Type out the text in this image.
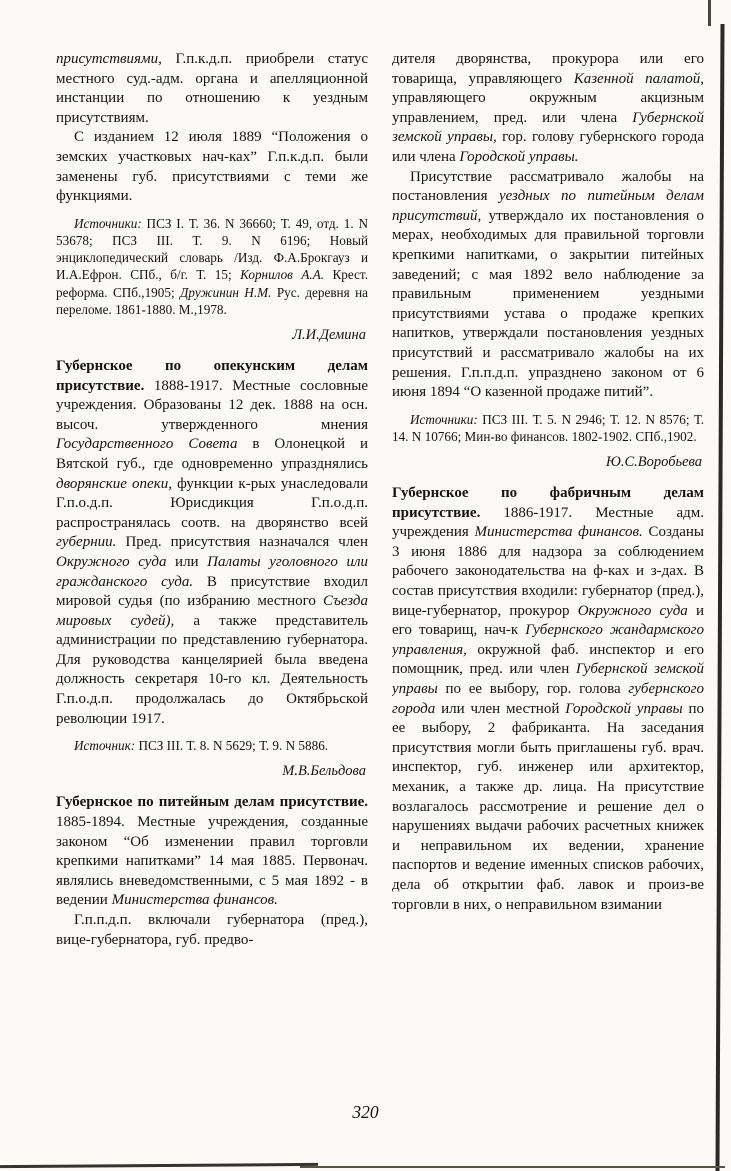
присутствиями, Г.п.к.д.п. приобрели статус местного суд.-адм. органа и апелляционной инстанции по отношению к уездным присутствиям.

С изданием 12 июля 1889 “Положения о земских участковых нач-ках” Г.п.к.д.п. были заменены губ. присутствиями с теми же функциями.

Источники: ПСЗ I. Т. 36. N 36660; Т. 49, отд. 1. N 53678; ПСЗ III. Т. 9. N 6196; Новый энциклопедический словарь /Изд. Ф.А.Брокгауз и И.А.Ефрон. СПб., б/г. Т. 15; Корнилов А.А. Крест. реформа. СПб.,1905; Дружинин Н.М. Рус. деревня на переломе. 1861-1880. М.,1978.

Л.И.Демина

Губернское по опекунским делам присутствие. 1888-1917. Местные сословные учреждения. Образованы 12 дек. 1888 на осн. высоч. утвержденного мнения Государственного Совета в Олонецкой и Вятской губ., где одновременно упразднялись дворянские опеки, функции к-рых унаследовали Г.п.о.д.п. Юрисдикция Г.п.о.д.п. распространялась соотв. на дворянство всей губернии. Пред. присутствия назначался член Окружного суда или Палаты уголовного или гражданского суда. В присутствие входил мировой судья (по избранию местного Съезда мировых судей), а также представитель администрации по представлению губернатора. Для руководства канцелярией была введена должность секретаря 10-го кл. Деятельность Г.п.о.д.п. продолжалась до Октябрьской революции 1917.

Источник: ПСЗ III. Т. 8. N 5629; Т. 9. N 5886.

М.В.Бельдова

Губернское по питейным делам присутствие. 1885-1894. Местные учреждения, созданные законом “Об изменении правил торговли крепкими напитками” 14 мая 1885. Первонач. являлись вневедомственными, с 5 мая 1892 - в ведении Министерства финансов.

Г.п.п.д.п. включали губернатора (пред.), вице-губернатора, губ. предво-

дителя дворянства, прокурора или его товарища, управляющего Казенной палатой, управляющего окружным акцизным управлением, пред. или члена Губернской земской управы, гор. голову губернского города или члена Городской управы.

Присутствие рассматривало жалобы на постановления уездных по питейным делам присутствий, утверждало их постановления о мерах, необходимых для правильной торговли крепкими напитками, о закрытии питейных заведений; с мая 1892 вело наблюдение за правильным применением уездными присутствиями устава о продаже крепких напитков, утверждали постановления уездных присутствий и рассматривало жалобы на их решения. Г.п.п.д.п. упразднено законом от 6 июня 1894 “О казенной продаже питий”.

Источники: ПСЗ III. Т. 5. N 2946; Т. 12. N 8576; Т. 14. N 10766; Мин-во финансов. 1802-1902. СПб.,1902.

Ю.С.Воробьева

Губернское по фабричным делам присутствие. 1886-1917. Местные адм. учреждения Министерства финансов. Созданы 3 июня 1886 для надзора за соблюдением рабочего законодательства на ф-ках и з-дах. В состав присутствия входили: губернатор (пред.), вице-губернатор, прокурор Окружного суда и его товарищ, нач-к Губернского жандармского управления, окружной фаб. инспектор и его помощник, пред. или член Губернской земской управы по ее выбору, гор. голова губернского города или член местной Городской управы по ее выбору, 2 фабриканта. На заседания присутствия могли быть приглашены губ. врач. инспектор, губ. инженер или архитектор, механик, а также др. лица. На присутствие возлагалось рассмотрение и решение дел о нарушениях выдачи рабочих расчетных книжек и неправильном их ведении, хранение паспортов и ведение именных списков рабочих, дела об открытии фаб. лавок и произ-ве торговли в них, о неправильном взимании

320
